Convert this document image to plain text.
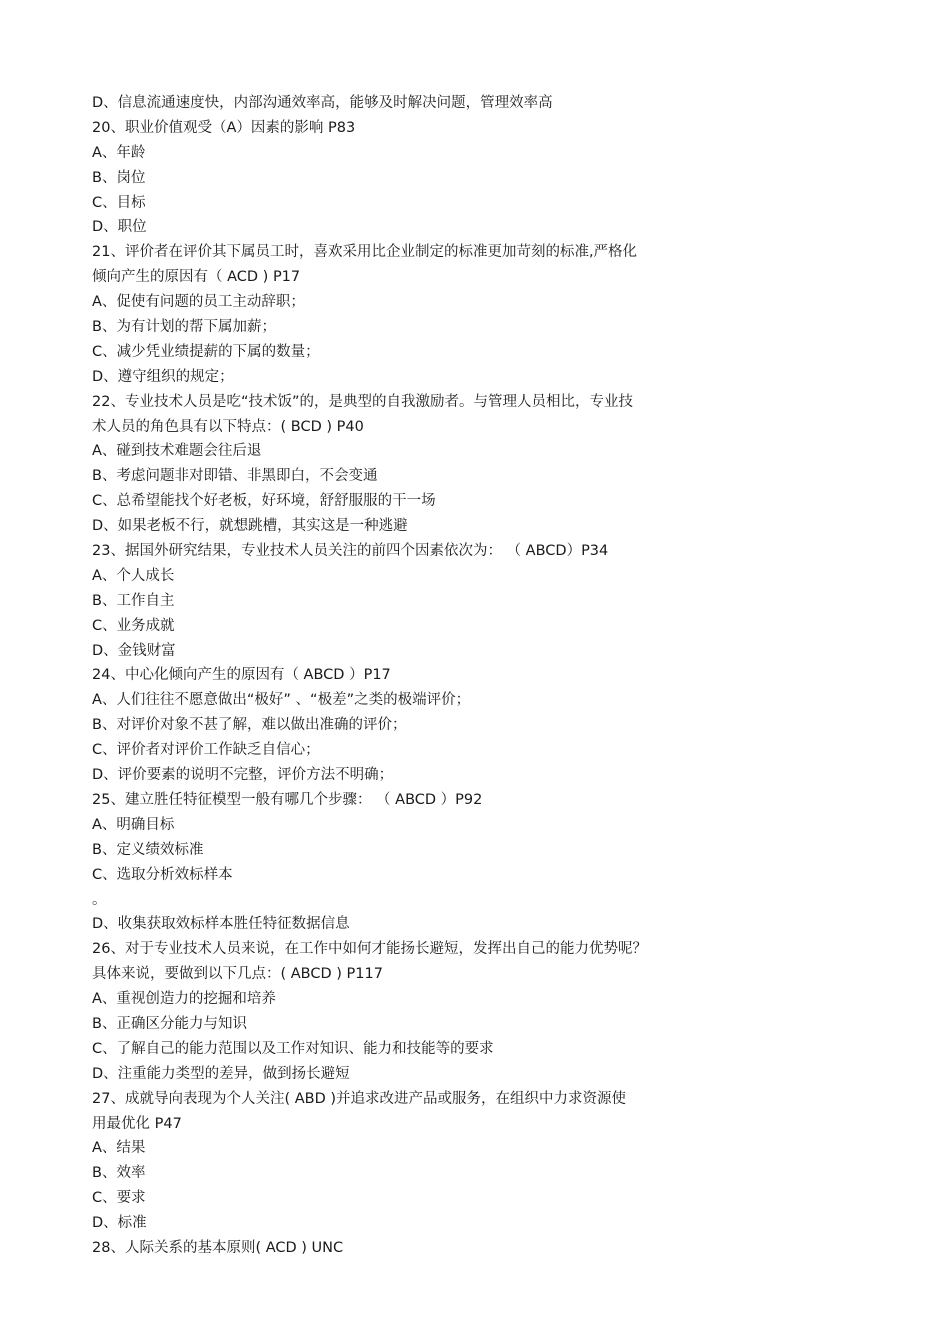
D、信息流通速度快，内部沟通效率高，能够及时解决问题，管理效率高
20、职业价值观受（A）因素的影响 P83
A、年龄
B、岗位
C、目标
D、职位
21、评价者在评价其下属员工时，喜欢采用比企业制定的标准更加苛刻的标准,严格化
倾向产生的原因有（ ACD ) P17
A、促使有问题的员工主动辞职；
B、为有计划的帮下属加薪；
C、减少凭业绩提薪的下属的数量；
D、遵守组织的规定；
22、专业技术人员是吃“技术饭”的，是典型的自我激励者。与管理人员相比，专业技
术人员的角色具有以下特点：( BCD ) P40
A、碰到技术难题会往后退
B、考虑问题非对即错、非黑即白，不会变通
C、总希望能找个好老板，好环境，舒舒服服的干一场
D、如果老板不行，就想跳槽，其实这是一种逃避
23、据国外研究结果，专业技术人员关注的前四个因素依次为： （ ABCD）P34
A、个人成长
B、工作自主
C、业务成就
D、金钱财富
24、中心化倾向产生的原因有（ ABCD ）P17
A、人们往往不愿意做出“极好” 、“极差”之类的极端评价；
B、对评价对象不甚了解，难以做出准确的评价；
C、评价者对评价工作缺乏自信心；
D、评价要素的说明不完整，评价方法不明确；
25、建立胜任特征模型一般有哪几个步骤： （ ABCD ）P92
A、明确目标
B、定义绩效标准
C、选取分析效标样本
。
D、收集获取效标样本胜任特征数据信息
26、对于专业技术人员来说，在工作中如何才能扬长避短，发挥出自己的能力优势呢？
具体来说，要做到以下几点：( ABCD ) P117
A、重视创造力的挖掘和培养
B、正确区分能力与知识
C、了解自己的能力范围以及工作对知识、能力和技能等的要求
D、注重能力类型的差异，做到扬长避短
27、成就导向表现为个人关注( ABD )并追求改进产品或服务，在组织中力求资源使
用最优化 P47
A、结果
B、效率
C、要求
D、标准
28、人际关系的基本原则( ACD ) UNC
